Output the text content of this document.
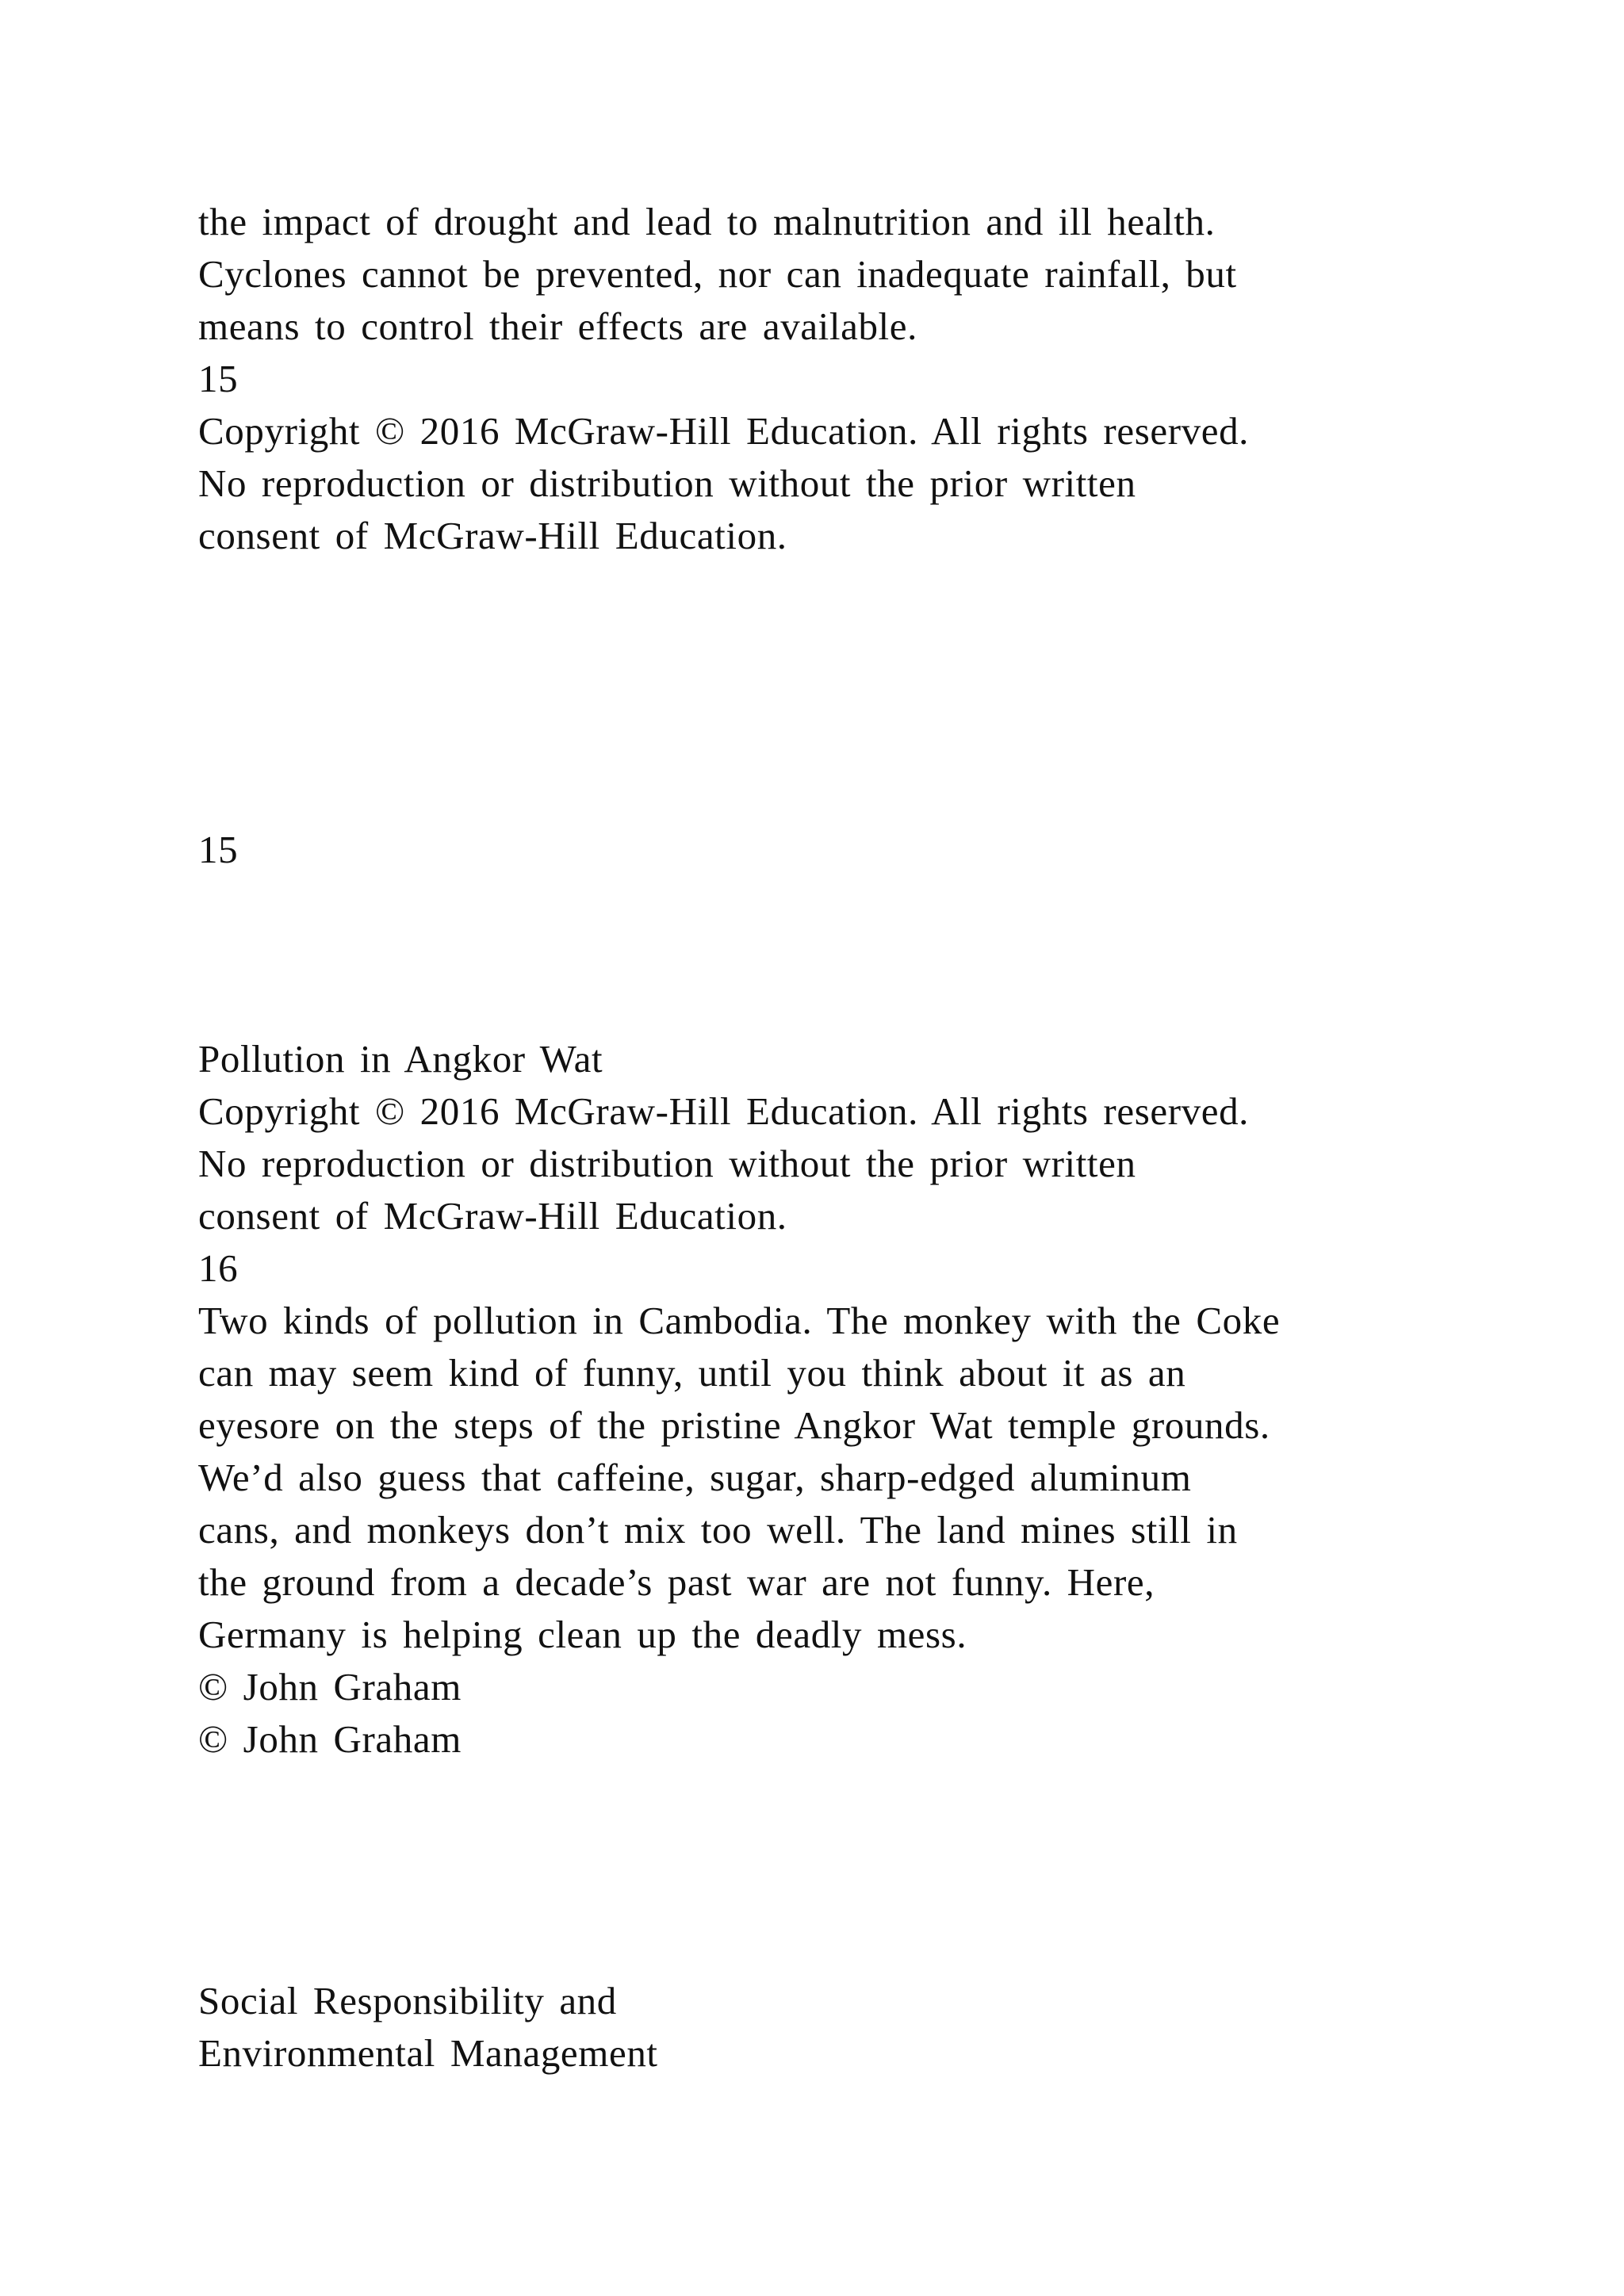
the impact of drought and lead to malnutrition and ill health.

Cyclones cannot be prevented, nor can inadequate rainfall, but

means to control their effects are available.

15

Copyright © 2016 McGraw-Hill Education. All rights reserved.

No reproduction or distribution without the prior written

consent of McGraw-Hill Education.

15

Pollution in Angkor Wat

Copyright © 2016 McGraw-Hill Education. All rights reserved.

No reproduction or distribution without the prior written

consent of McGraw-Hill Education.

16

Two kinds of pollution in Cambodia. The monkey with the Coke

can may seem kind of funny, until you think about it as an

eyesore on the steps of the pristine Angkor Wat temple grounds.

We’d also guess that caffeine, sugar, sharp-edged aluminum

cans, and monkeys don’t mix too well. The land mines still in

the ground from a decade’s past war are not funny. Here,

Germany is helping clean up the deadly mess.

© John Graham

© John Graham

Social Responsibility and

Environmental Management
